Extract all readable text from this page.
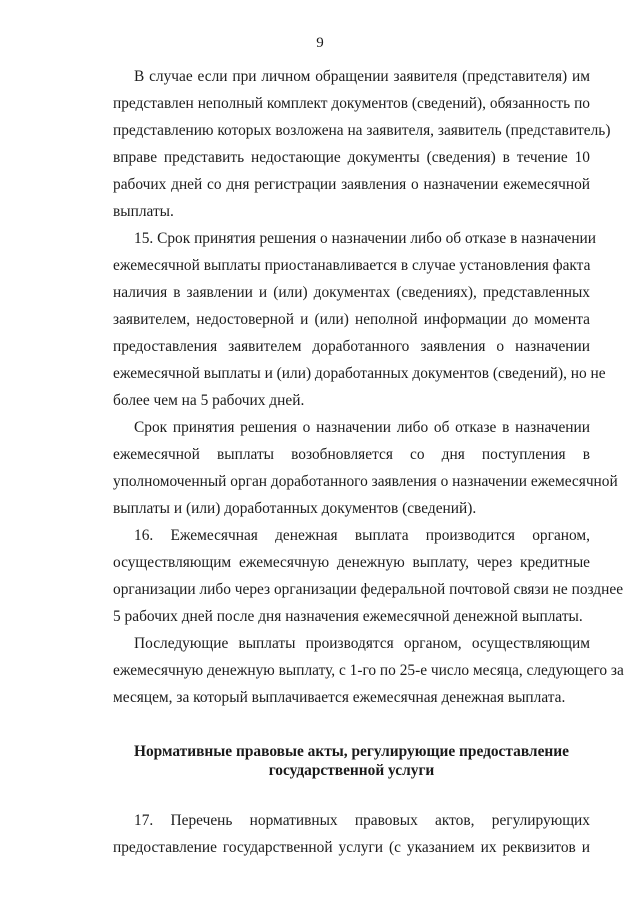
9
В случае если при личном обращении заявителя (представителя) им
представлен неполный комплект документов (сведений), обязанность по
представлению которых возложена на заявителя, заявитель (представитель)
вправе представить недостающие документы (сведения) в течение 10
рабочих дней со дня регистрации заявления о назначении ежемесячной
выплаты.
15. Срок принятия решения о назначении либо об отказе в назначении
ежемесячной выплаты приостанавливается в случае установления факта
наличия в заявлении и (или) документах (сведениях), представленных
заявителем, недостоверной и (или) неполной информации до момента
предоставления заявителем доработанного заявления о назначении
ежемесячной выплаты и (или) доработанных документов (сведений), но не
более чем на 5 рабочих дней.
Срок принятия решения о назначении либо об отказе в назначении
ежемесячной выплаты возобновляется со дня поступления в
уполномоченный орган доработанного заявления о назначении ежемесячной
выплаты и (или) доработанных документов (сведений).
16. Ежемесячная денежная выплата производится органом,
осуществляющим ежемесячную денежную выплату, через кредитные
организации либо через организации федеральной почтовой связи не позднее
5 рабочих дней после дня назначения ежемесячной денежной выплаты.
Последующие выплаты производятся органом, осуществляющим
ежемесячную денежную выплату, с 1-го по 25-е число месяца, следующего за
месяцем, за который выплачивается ежемесячная денежная выплата.
Нормативные правовые акты, регулирующие предоставление
государственной услуги
17. Перечень нормативных правовых актов, регулирующих
предоставление государственной услуги (с указанием их реквизитов и
